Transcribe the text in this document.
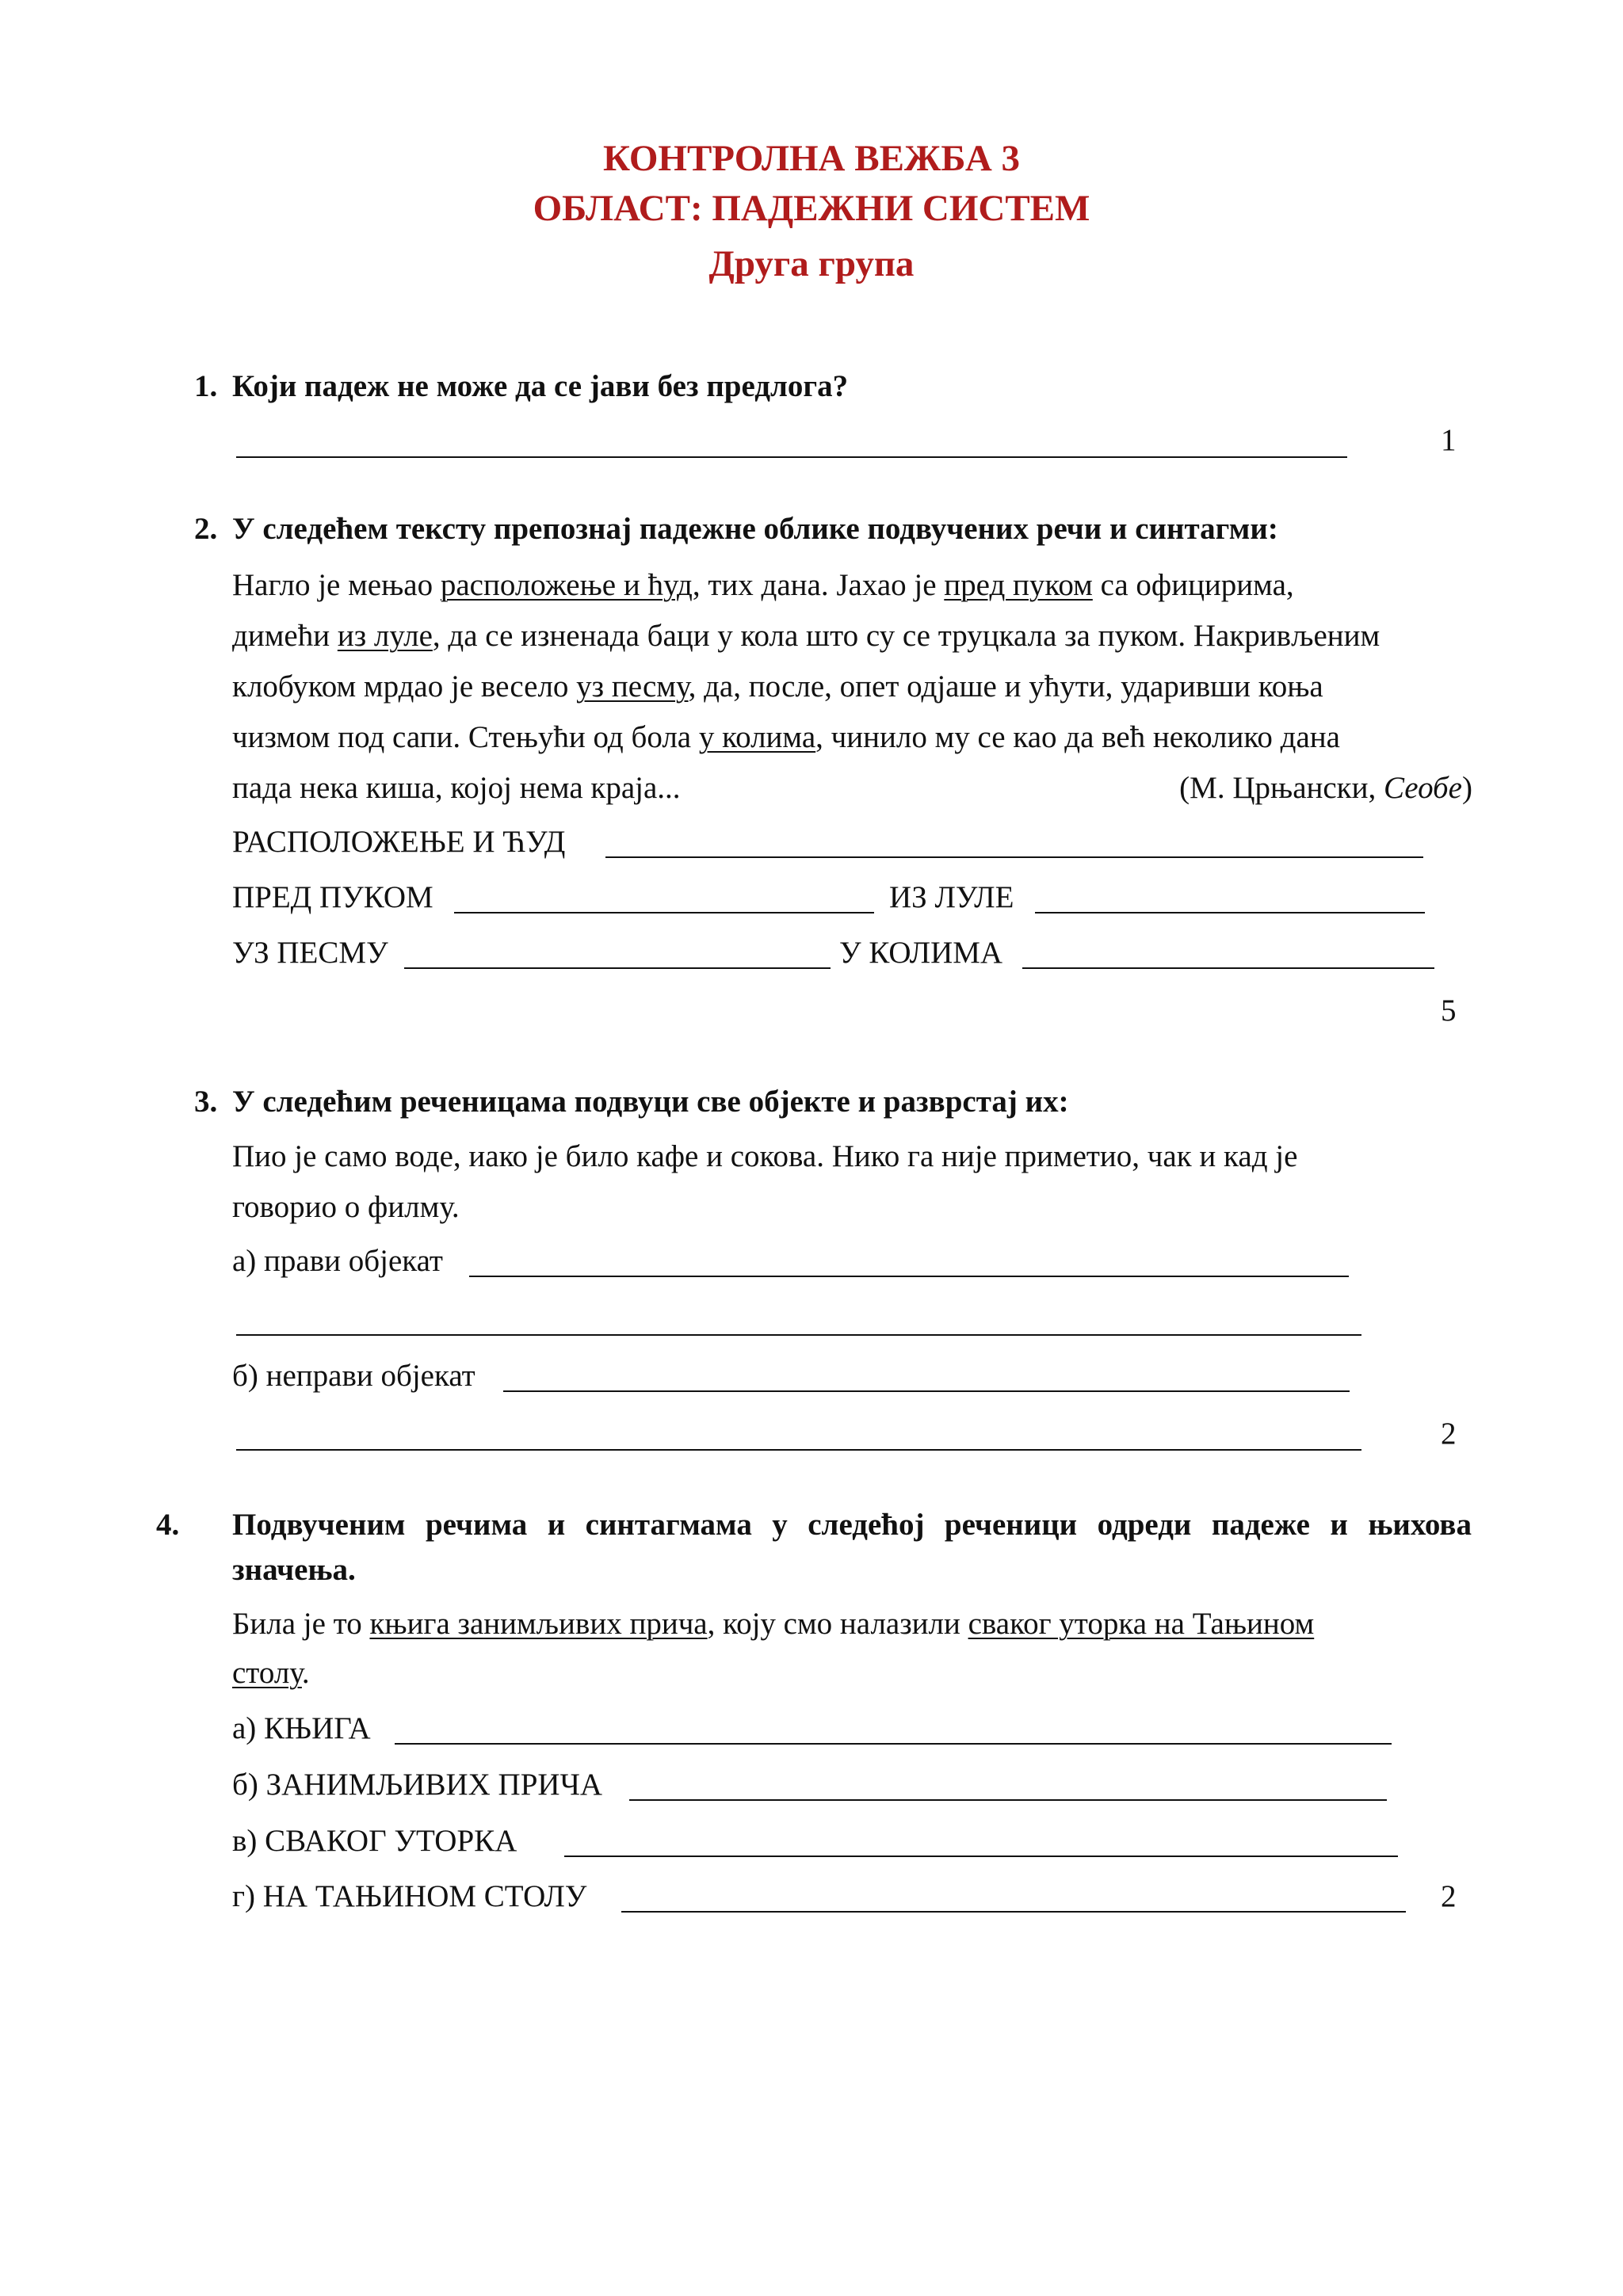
КОНТРОЛНА ВЕЖБА 3
ОБЛАСТ: ПАДЕЖНИ СИСТЕМ
Друга група
1. Који падеж не може да се јави без предлога?
1
2. У следећем тексту препознај падежне облике подвучених речи и синтагми:
Нагло је мењао расположење и ћуд, тих дана. Јахао је пред пуком са официрима,
димећи из луле, да се изненада баци у кола што су се труцкала за пуком. Накривљеним
клобуком мрдао је весело уз песму, да, после, опет одјаше и ућути, ударивши коња
чизмом под сапи. Стењући од бола у колима, чинило му се као да већ неколико дана
пада нека киша, којој нема краја...	(М. Црњански, Сеобе)
РАСПОЛОЖЕЊЕ И ЋУД
ПРЕД ПУКОМ	ИЗ ЛУЛЕ
УЗ ПЕСМУ	У КОЛИМА
5
3. У следећим реченицама подвуци све објекте и разврстај их:
Пио је само воде, иако је било кафе и сокова. Нико га није приметио, чак и кад је
говорио о филму.
а) прави објекат
б) неправи објекат
2
4. Подвученим речима и синтагмама у следећој реченици одреди падеже и њихова значења.
Била је то књига занимљивих прича, коју смо налазили сваког уторка на Тањином
столу.
а) КЊИГА
б) ЗАНИМЉИВИХ ПРИЧА
в) СВАКОГ УТОРКА
г) НА ТАЊИНОМ СТОЛУ	2
